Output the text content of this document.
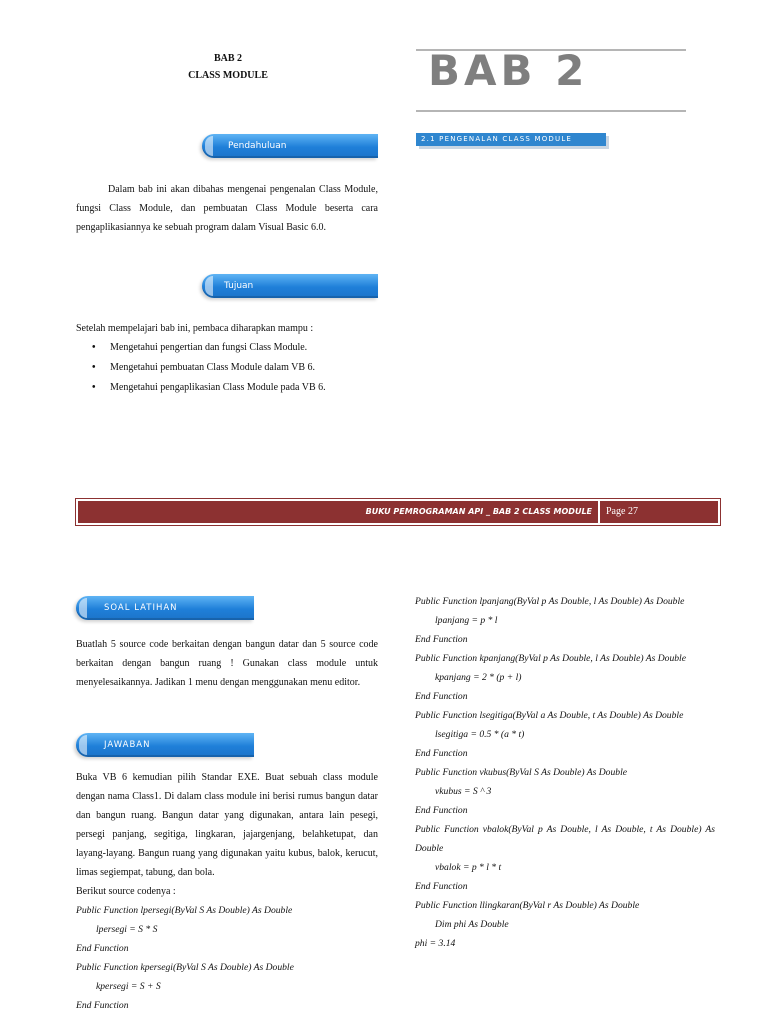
BAB 2
CLASS MODULE	BAB 2
2.1 PENGENALAN CLASS MODULE
Pendahuluan
Dalam bab ini akan dibahas mengenai pengenalan Class Module, fungsi Class Module, dan pembuatan Class Module beserta cara pengaplikasiannya ke sebuah program dalam Visual Basic 6.0.
Tujuan
Setelah mempelajari bab ini, pembaca diharapkan mampu :
• Mengetahui pengertian dan fungsi Class Module.
• Mengetahui pembuatan Class Module dalam VB 6.
• Mengetahui pengaplikasian Class Module pada VB 6.
BUKU PEMROGRAMAN API _ BAB 2 CLASS MODULE Page 27
SOAL LATIHAN
Buatlah 5 source code berkaitan dengan bangun datar dan 5 source code berkaitan dengan bangun ruang ! Gunakan class module untuk menyelesaikannya. Jadikan 1 menu dengan menggunakan menu editor.
JAWABAN
Buka VB 6 kemudian pilih Standar EXE. Buat sebuah class module dengan nama Class1. Di dalam class module ini berisi rumus bangun datar dan bangun ruang. Bangun datar yang digunakan, antara lain pesegi, persegi panjang, segitiga, lingkaran, jajargenjang, belahketupat, dan layang-layang. Bangun ruang yang digunakan yaitu kubus, balok, kerucut, limas segiempat, tabung, dan bola.
Berikut source codenya :
Public Function lpersegi(ByVal S As Double) As Double
lpersegi = S * S
End Function
Public Function kpersegi(ByVal S As Double) As Double
kpersegi = S + S
End Function
Public Function lpanjang(ByVal p As Double, l As Double) As Double
lpanjang = p * l
End Function
Public Function kpanjang(ByVal p As Double, l As Double) As Double
kpanjang = 2 * (p + l)
End Function
Public Function lsegitiga(ByVal a As Double, t As Double) As Double
lsegitiga = 0.5 * (a * t)
End Function
Public Function vkubus(ByVal S As Double) As Double
vkubus = S ^ 3
End Function
Public Function vbalok(ByVal p As Double, l As Double, t As Double) As Double
vbalok = p * l * t
End Function
Public Function llingkaran(ByVal r As Double) As Double
Dim phi As Double
phi = 3.14
